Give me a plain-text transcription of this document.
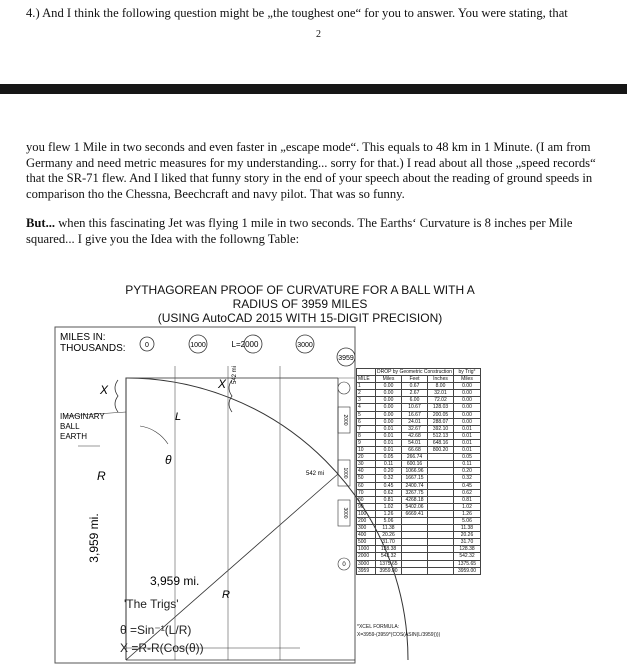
4.) And I think the following question might be „the toughest one“ for you to answer. You were stating, that
2
you flew 1 Mile in two seconds and even faster in „escape mode“. This equals to 48 km in 1 Minute. (I am from Germany and need metric measures for my understanding... sorry for that.) I read about all those „speed records“ that the SR-71 flew. And I liked that funny story in the end of your speech about the reading of ground speeds in comparison tho the Chessna, Beechcraft and navy pilot. That was so funny.
But... when this fascinating Jet was flying 1 mile in two seconds. The Earths‘ Curvature is 8 inches per Mile squared... I give you the Idea with the followng Table:
PYTHAGOREAN PROOF OF CURVATURE FOR A BALL WITH A
RADIUS OF 3959 MILES
(USING AutoCAD 2015 WITH 15-DIGIT PRECISION)
0	1000	L=2000	3000
3959
MILES IN:
THOUSANDS:
IMAGINARY
BALL
EARTH
X	X
L
θ
R
R
542 mi
542 mi
3,959 mi.
3,959 mi.
2000
1000
3000
0
'The Trigs'
θ =Sin⁻¹(L/R)
X =R-R(Cos(θ))
	DROP by Geometric Construction			by Trig°
MILE	Miles	Feet	Inches	Miles
1	0.00	0.67	8.00	0.00
2	0.00	2.67	32.01	0.00
3	0.00	6.00	72.02	0.00
4	0.00	10.67	128.03	0.00
5	0.00	16.67	200.05	0.00
6	0.00	24.01	288.07	0.00
7	0.01	32.67	392.10	0.01
8	0.01	42.68	512.13	0.01
9	0.01	54.01	648.16	0.01
10	0.01	66.68	800.20	0.01
20	0.05	266.74		0.05
30	0.11	600.16		0.11
40	0.20	1066.96		0.20
50	0.32	1667.15		0.32
60	0.45	2400.74		0.45
70	0.62	3267.75		0.62
80	0.81	4268.18		0.81
90	1.02	5402.06		1.02
100	1.26	6669.41		1.26
200	5.06			5.06
300	11.38			11.38
400	20.26			20.26
500	31.70			31.70
1000	128.38			128.38
2000	542.32			542.32
3000	1375.65			1375.65
3959	3959.00			3959.00
*XCEL FORMULA:
X=3959-(3959*(COS(ASIN(L/3959))))
